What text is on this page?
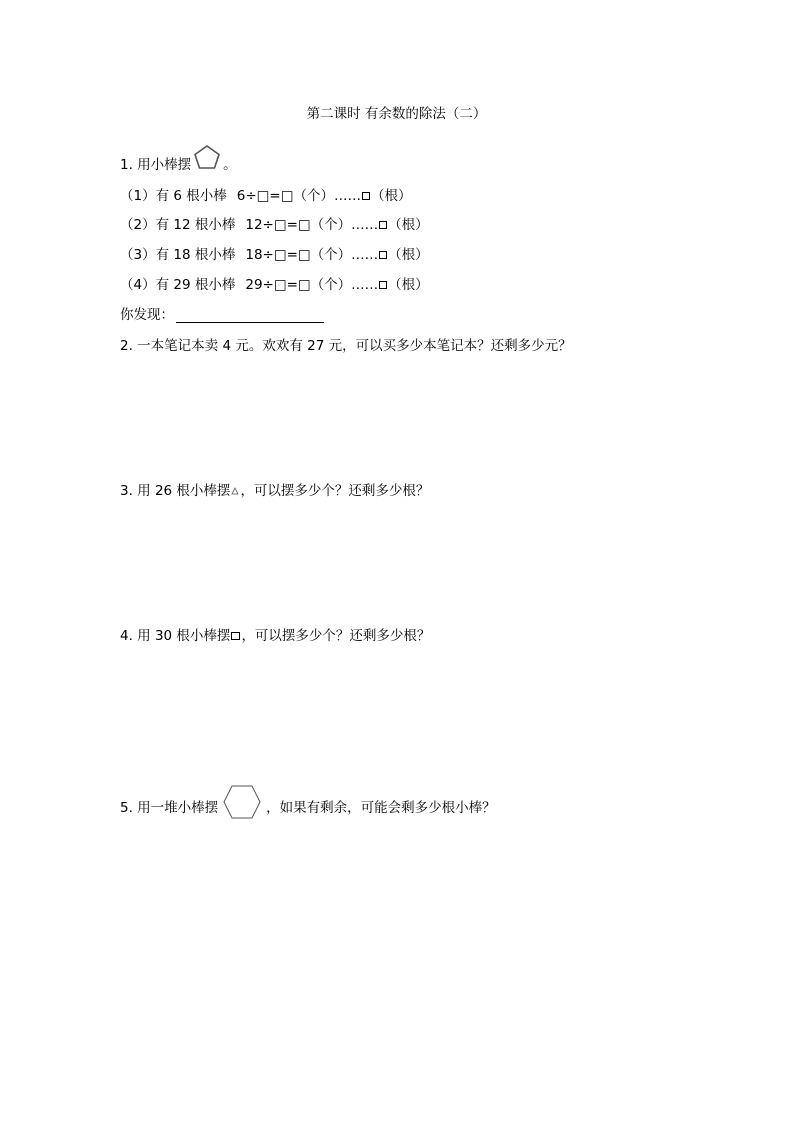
第二课时 有余数的除法（二）
1. 用小棒摆 。
（1）有 6 根小棒 6÷□=□（个）…… （根）
（2）有 12 根小棒 12÷□=□（个）…… （根）
（3）有 18 根小棒 18÷□=□（个）…… （根）
（4）有 29 根小棒 29÷□=□（个）…… （根）
你发现：
2. 一本笔记本卖 4 元。欢欢有 27 元，可以买多少本笔记本？还剩多少元？
3. 用 26 根小棒摆 ，可以摆多少个？还剩多少根？
4. 用 30 根小棒摆 ，可以摆多少个？还剩多少根？
5. 用一堆小棒摆	，如果有剩余，可能会剩多少根小棒？
